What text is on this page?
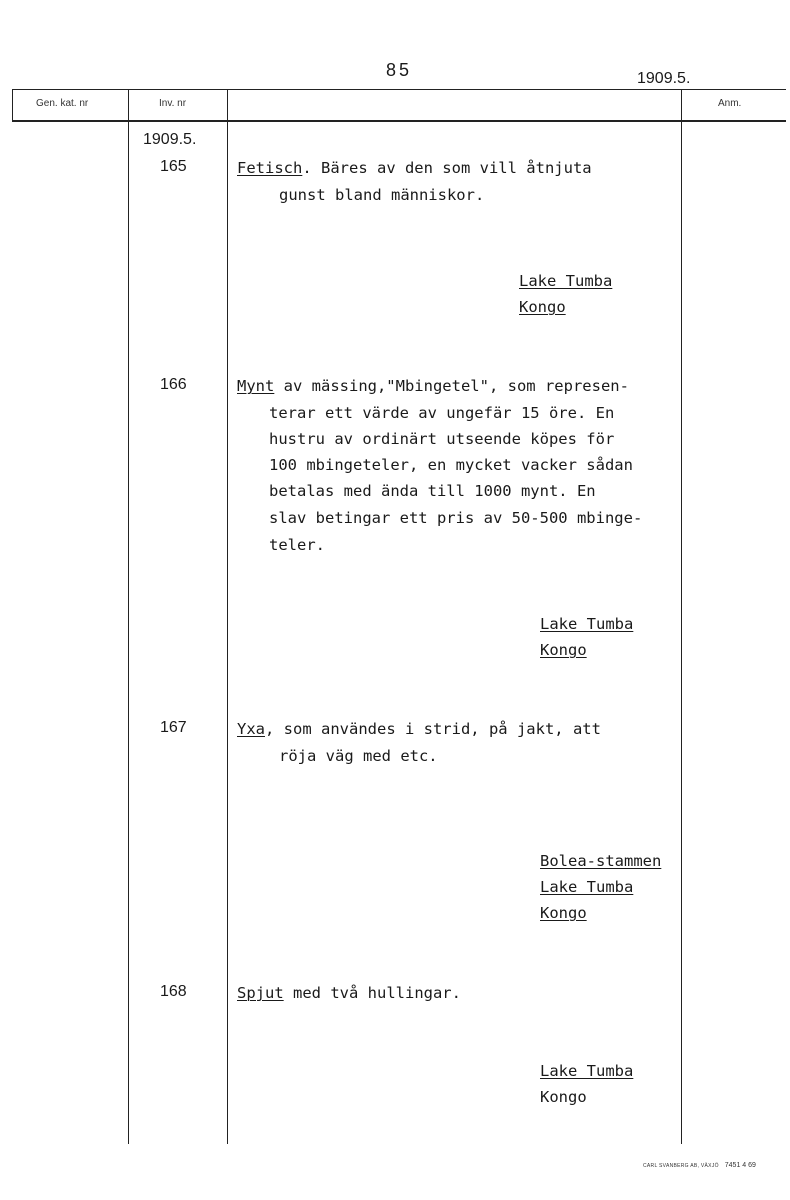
85	1909.5.
Gen. kat. nr	Inv. nr	Anm.
1909.5.
165	Fetisch. Bäres av den som vill åtnjuta
gunst bland människor.
Lake Tumba
Kongo
166	Mynt av mässing,"Mbingetel", som represen-
terar ett värde av ungefär 15 öre. En
hustru av ordinärt utseende köpes för
100 mbingeteler, en mycket vacker sådan
betalas med ända till 1000 mynt. En
slav betingar ett pris av 50-500 mbinge-
teler.
Lake Tumba
Kongo
167	Yxa, som användes i strid, på jakt, att
röja väg med etc.
Bolea-stammen
Lake Tumba
Kongo
168	Spjut med två hullingar.
Lake Tumba
Kongo
CARL SVANBERG AB, VÄXJÖ 7451 4 69
